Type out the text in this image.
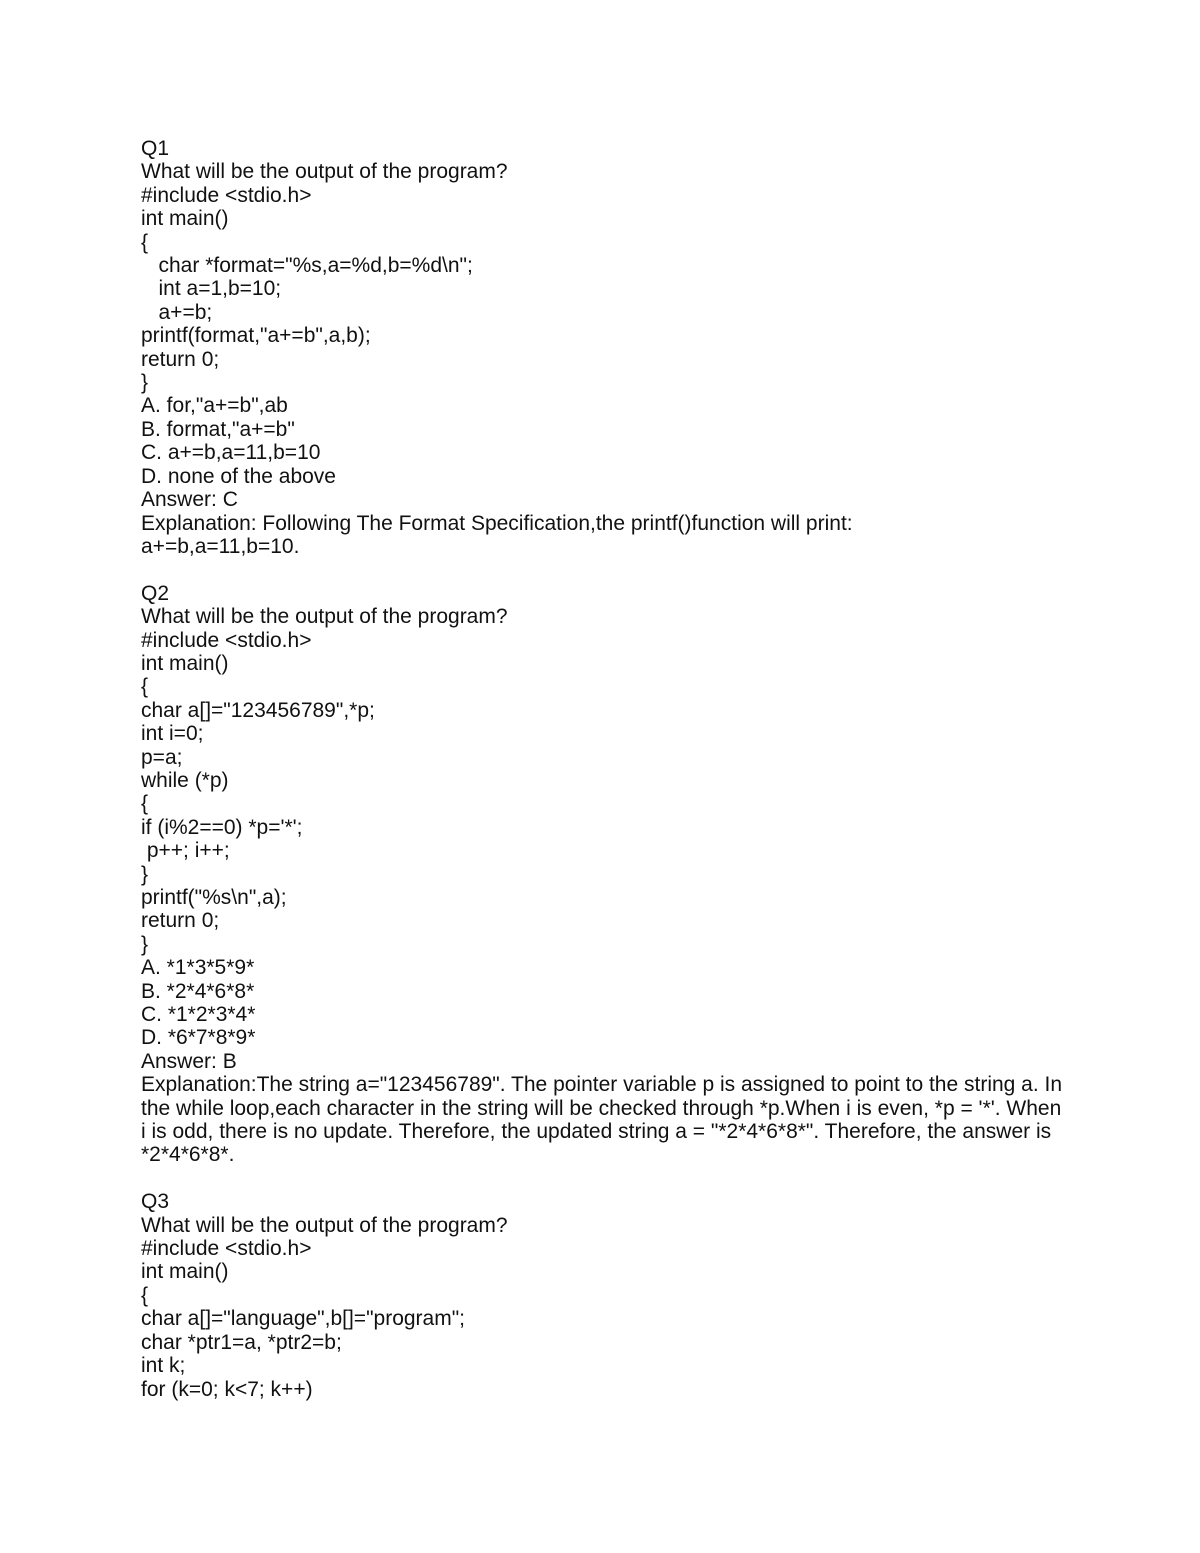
Q1
What will be the output of the program?
#include <stdio.h>
int main()
{
char *format="%s,a=%d,b=%d\n";
int a=1,b=10;
a+=b;
printf(format,"a+=b",a,b);
return 0;
}
A. for,"a+=b",ab
B. format,"a+=b"
C. a+=b,a=11,b=10
D. none of the above
Answer: C
Explanation: Following The Format Specification,the printf()function will print:
a+=b,a=11,b=10.
Q2
What will be the output of the program?
#include <stdio.h>
int main()
{
char a[]="123456789",*p;
int i=0;
p=a;
while (*p)
{
if (i%2==0) *p='*';
p++; i++;
}
printf("%s\n",a);
return 0;
}
A. *1*3*5*9*
B. *2*4*6*8*
C. *1*2*3*4*
D. *6*7*8*9*
Answer: B
Explanation:The string a="123456789". The pointer variable p is assigned to point to the string a. In the while loop,each character in the string will be checked through *p.When i is even, *p = '*'. When i is odd, there is no update. Therefore, the updated string a = "*2*4*6*8*". Therefore, the answer is *2*4*6*8*.
Q3
What will be the output of the program?
#include <stdio.h>
int main()
{
char a[]="language",b[]="program";
char *ptr1=a, *ptr2=b;
int k;
for (k=0; k<7; k++)
